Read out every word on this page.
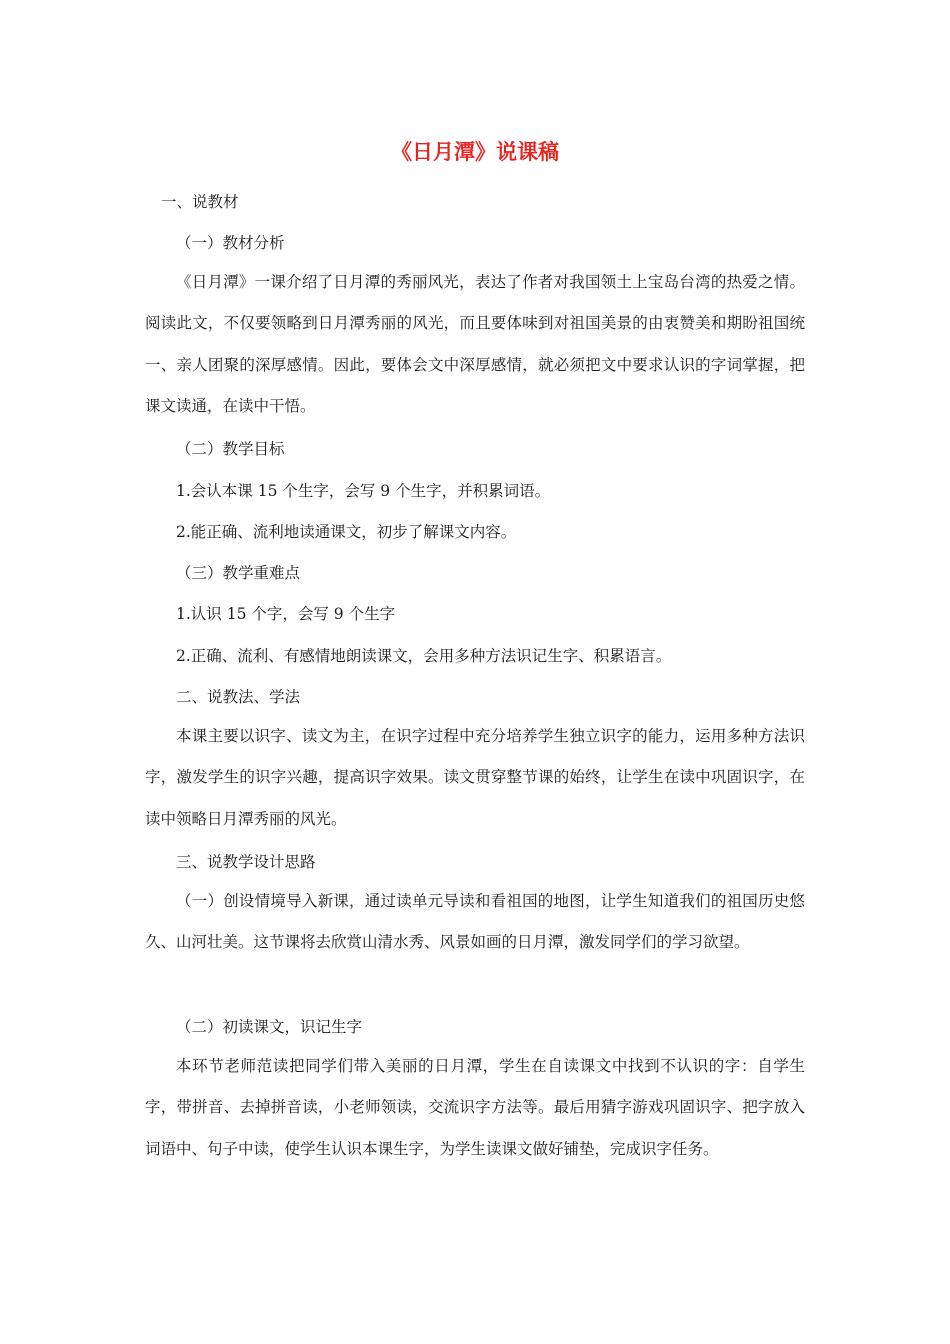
《日月潭》说课稿
一、说教材
（一）教材分析
《日月潭》一课介绍了日月潭的秀丽风光，表达了作者对我国领土上宝岛台湾的热爱之情。阅读此文，不仅要领略到日月潭秀丽的风光，而且要体味到对祖国美景的由衷赞美和期盼祖国统一、亲人团聚的深厚感情。因此，要体会文中深厚感情，就必须把文中要求认识的字词掌握，把课文读通，在读中干悟。
（二）教学目标
1.会认本课 15 个生字，会写 9 个生字，并积累词语。
2.能正确、流利地读通课文，初步了解课文内容。
（三）教学重难点
1.认识 15 个字，会写 9 个生字
2.正确、流利、有感情地朗读课文，会用多种方法识记生字、积累语言。
二、说教法、学法
本课主要以识字、读文为主，在识字过程中充分培养学生独立识字的能力，运用多种方法识字，激发学生的识字兴趣，提高识字效果。读文贯穿整节课的始终，让学生在读中巩固识字，在读中领略日月潭秀丽的风光。
三、说教学设计思路
（一）创设情境导入新课，通过读单元导读和看祖国的地图，让学生知道我们的祖国历史悠久、山河壮美。这节课将去欣赏山清水秀、风景如画的日月潭，激发同学们的学习欲望。
（二）初读课文，识记生字
本环节老师范读把同学们带入美丽的日月潭，学生在自读课文中找到不认识的字：自学生字，带拼音、去掉拼音读，小老师领读，交流识字方法等。最后用猜字游戏巩固识字、把字放入词语中、句子中读，使学生认识本课生字，为学生读课文做好铺垫，完成识字任务。
